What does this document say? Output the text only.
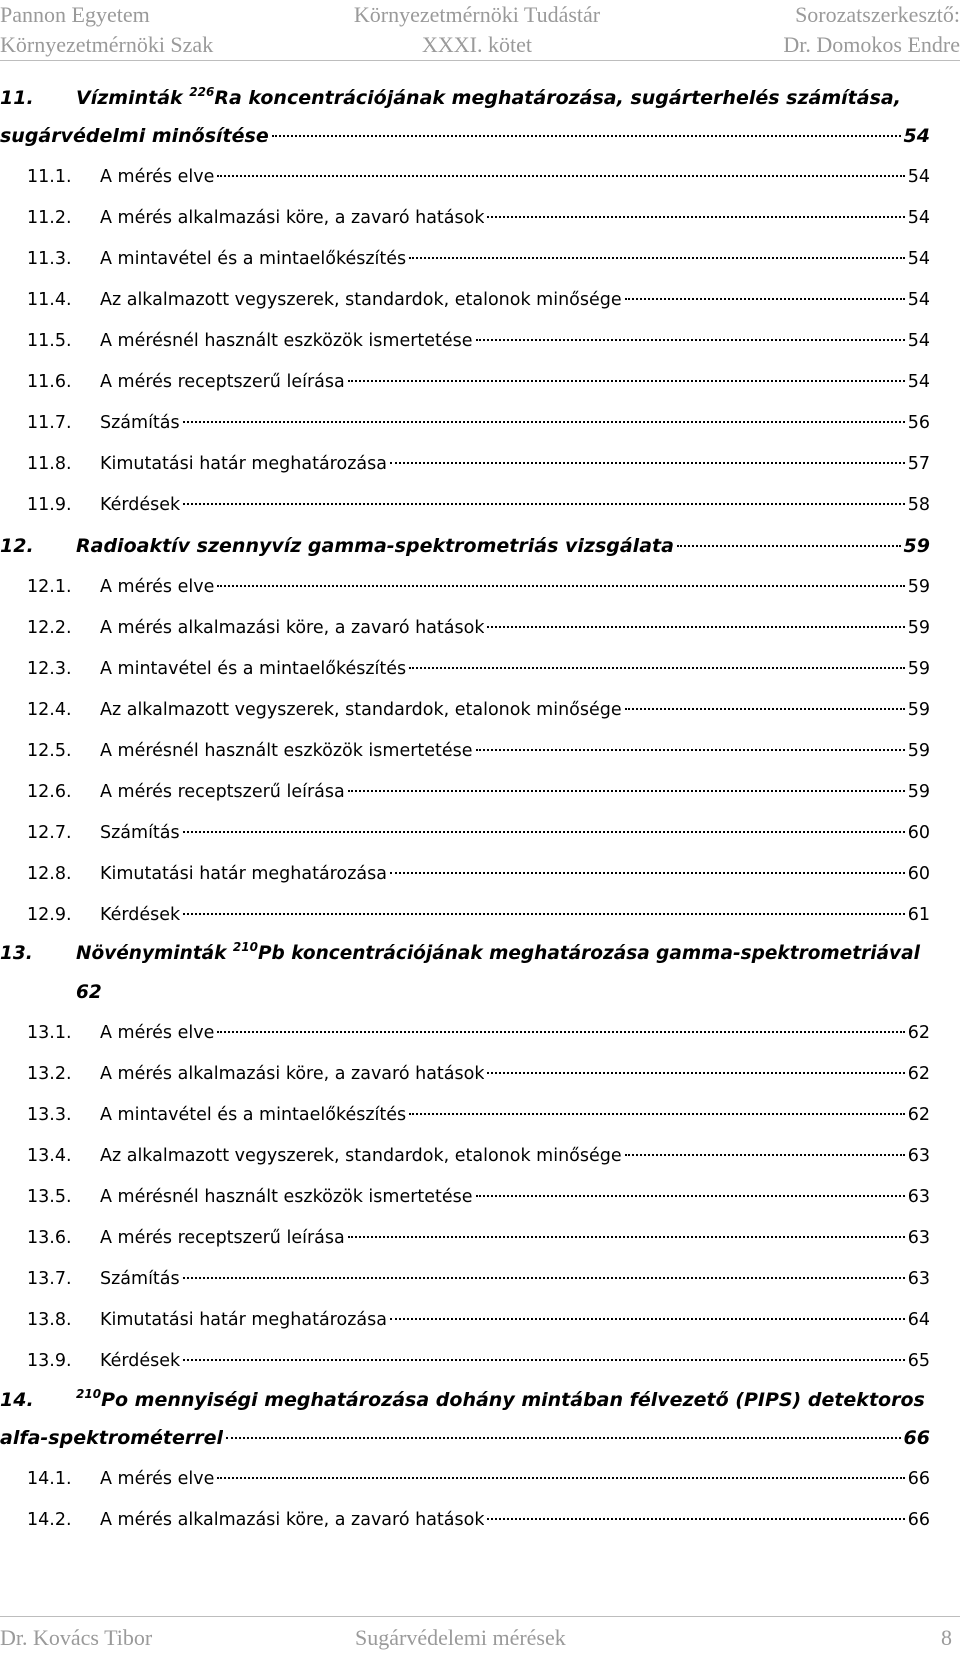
Pannon Egyetem
Környezetmérnöki Szak
Környezetmérnöki Tudástár
XXXI. kötet
Sorozatszerkesztő:
Dr. Domokos Endre
11.	Vízminták $^{226}$Ra koncentrációjának meghatározása, sugárterhelés számítása,
sugárvédelmi minősítése	54
11.1.	A mérés elve	54
11.2.	A mérés alkalmazási köre, a zavaró hatások	54
11.3.	A mintavétel és a mintaelőkészítés	54
11.4.	Az alkalmazott vegyszerek, standardok, etalonok minősége	54
11.5.	A mérésnél használt eszközök ismertetése	54
11.6.	A mérés receptszerű leírása	54
11.7.	Számítás	56
11.8.	Kimutatási határ meghatározása	57
11.9.	Kérdések	58
12.	Radioaktív szennyvíz gamma-spektrometriás vizsgálata	59
12.1.	A mérés elve	59
12.2.	A mérés alkalmazási köre, a zavaró hatások	59
12.3.	A mintavétel és a mintaelőkészítés	59
12.4.	Az alkalmazott vegyszerek, standardok, etalonok minősége	59
12.5.	A mérésnél használt eszközök ismertetése	59
12.6.	A mérés receptszerű leírása	59
12.7.	Számítás	60
12.8.	Kimutatási határ meghatározása	60
12.9.	Kérdések	61
13.	Növényminták $^{210}$Pb koncentrációjának meghatározása gamma-spektrometriával
62
13.1.	A mérés elve	62
13.2.	A mérés alkalmazási köre, a zavaró hatások	62
13.3.	A mintavétel és a mintaelőkészítés	62
13.4.	Az alkalmazott vegyszerek, standardok, etalonok minősége	63
13.5.	A mérésnél használt eszközök ismertetése	63
13.6.	A mérés receptszerű leírása	63
13.7.	Számítás	63
13.8.	Kimutatási határ meghatározása	64
13.9.	Kérdések	65
14.	$^{210}$Po mennyiségi meghatározása dohány mintában félvezető (PIPS) detektoros
alfa-spektrométerrel	66
14.1.	A mérés elve	66
14.2.	A mérés alkalmazási köre, a zavaró hatások	66
Dr. Kovács Tibor	Sugárvédelemi mérések	8
